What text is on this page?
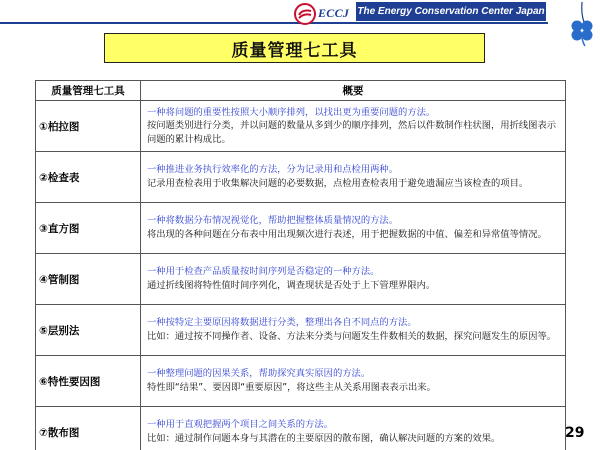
ECCJ The Energy Conservation Center Japan
质量管理七工具
质量管理七工具	概要
①柏拉图	一种将问题的重要性按照大小顺序排列，以找出更为重要问题的方法。
按问题类别进行分类，并以问题的数量从多到少的顺序排列，然后以件数制作柱状图，用折线图表示问题的累计构成比。

②检查表	一种推进业务执行效率化的方法，分为记录用和点检用两种。
记录用查检表用于收集解决问题的必要数据，点检用查检表用于避免遗漏应当该检查的项目。

③直方图	一种将数据分布情况视觉化，帮助把握整体质量情况的方法。
将出现的各种问题在分布表中用出现频次进行表述，用于把握数据的中值、偏差和异常值等情况。

④管制图	一种用于检查产品质量按时间序列是否稳定的一种方法。
通过折线图将特性值时间序列化，调查现状是否处于上下管理界限内。

⑤层别法	一种按特定主要原因将数据进行分类，整理出各自不同点的方法。
比如：通过按不同操作者、设备、方法来分类与问题发生件数相关的数据，探究问题发生的原因等。

⑥特性要因图	一种整理问题的因果关系，帮助探究真实原因的方法。
特性即“结果”、要因即“重要原因”，将这些主从关系用图表表示出来。

⑦散布图	一种用于直观把握两个项目之间关系的方法。
比如：通过制作问题本身与其潜在的主要原因的散布图，确认解决问题的方案的效果。	29
